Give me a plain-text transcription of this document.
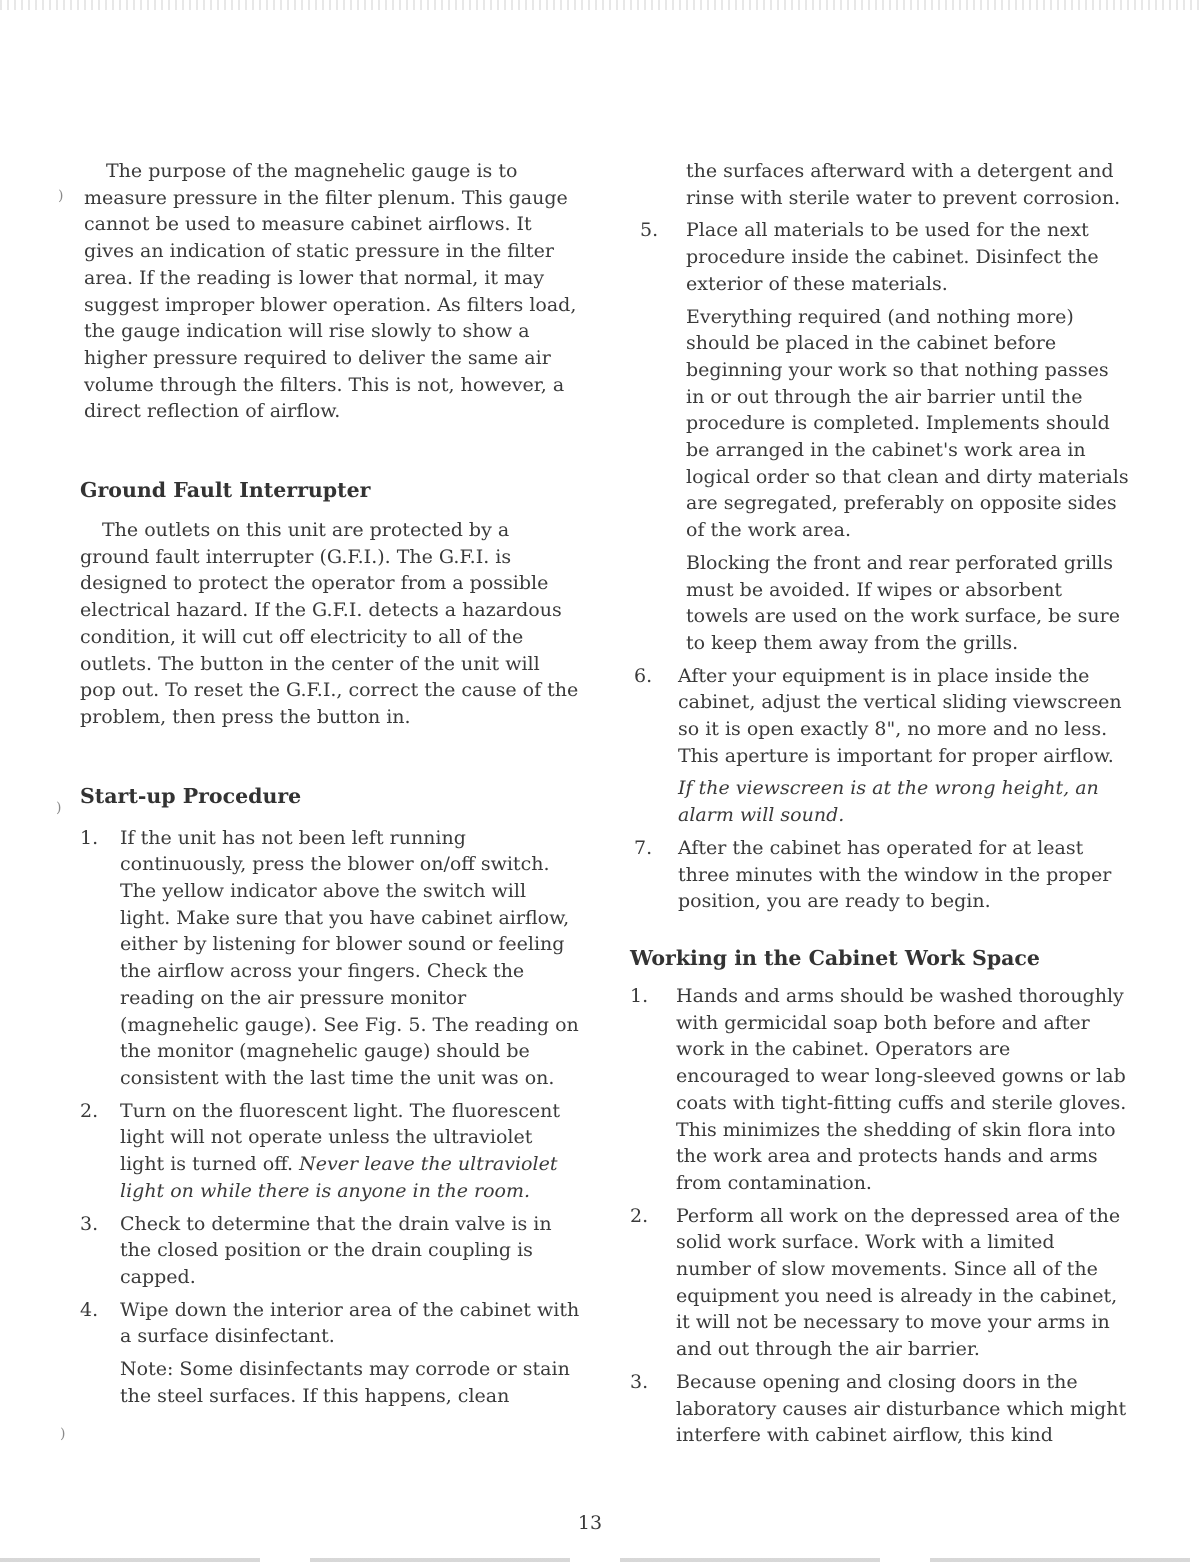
)
)
)

The purpose of the magnehelic gauge is to measure pressure in the filter plenum. This gauge cannot be used to measure cabinet airflows. It gives an indication of static pressure in the filter area. If the reading is lower that normal, it may suggest improper blower operation. As filters load, the gauge indication will rise slowly to show a higher pressure required to deliver the same air volume through the filters. This is not, however, a direct reflection of airflow.

Ground Fault Interrupter

The outlets on this unit are protected by a ground fault interrupter (G.F.I.). The G.F.I. is designed to protect the operator from a possible electrical hazard. If the G.F.I. detects a hazardous condition, it will cut off electricity to all of the outlets. The button in the center of the unit will pop out. To reset the G.F.I., correct the cause of the problem, then press the button in.

Start-up Procedure
1. If the unit has not been left running continuously, press the blower on/off switch. The yellow indicator above the switch will light. Make sure that you have cabinet airflow, either by listening for blower sound or feeling the airflow across your fingers. Check the reading on the air pressure monitor (magnehelic gauge). See Fig. 5. The reading on the monitor (magnehelic gauge) should be consistent with the last time the unit was on.

2. Turn on the fluorescent light. The fluorescent light will not operate unless the ultraviolet light is turned off. Never leave the ultraviolet light on while there is anyone in the room.

3. Check to determine that the drain valve is in the closed position or the drain coupling is capped.

4. Wipe down the interior area of the cabinet with a surface disinfectant.

Note: Some disinfectants may corrode or stain the steel surfaces. If this happens, clean

the surfaces afterward with a detergent and rinse with sterile water to prevent corrosion.

5. Place all materials to be used for the next procedure inside the cabinet. Disinfect the exterior of these materials.

Everything required (and nothing more) should be placed in the cabinet before beginning your work so that nothing passes in or out through the air barrier until the procedure is completed. Implements should be arranged in the cabinet's work area in logical order so that clean and dirty materials are segregated, preferably on opposite sides of the work area.

Blocking the front and rear perforated grills must be avoided. If wipes or absorbent towels are used on the work surface, be sure to keep them away from the grills.

6. After your equipment is in place inside the cabinet, adjust the vertical sliding viewscreen so it is open exactly 8", no more and no less. This aperture is important for proper airflow.

If the viewscreen is at the wrong height, an alarm will sound.

7. After the cabinet has operated for at least three minutes with the window in the proper position, you are ready to begin.

Working in the Cabinet Work Space
1. Hands and arms should be washed thoroughly with germicidal soap both before and after work in the cabinet. Operators are encouraged to wear long-sleeved gowns or lab coats with tight-fitting cuffs and sterile gloves. This minimizes the shedding of skin flora into the work area and protects hands and arms from contamination.

2. Perform all work on the depressed area of the solid work surface. Work with a limited number of slow movements. Since all of the equipment you need is already in the cabinet, it will not be necessary to move your arms in and out through the air barrier.

3. Because opening and closing doors in the laboratory causes air disturbance which might interfere with cabinet airflow, this kind

13
